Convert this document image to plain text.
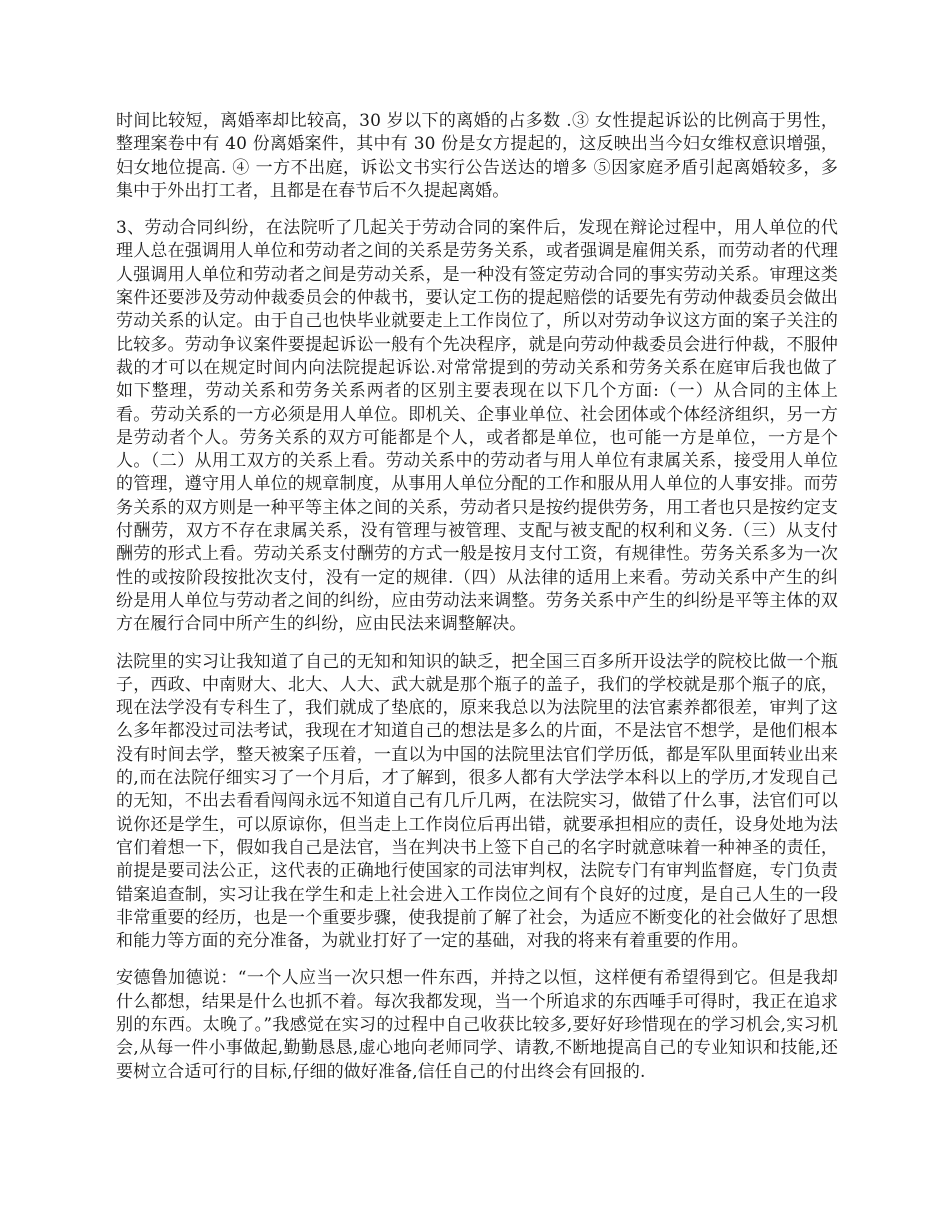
时间比较短，离婚率却比较高，30 岁以下的离婚的占多数 .③ 女性提起诉讼的比例高于男性，整理案卷中有 40 份离婚案件，其中有 30 份是女方提起的，这反映出当今妇女维权意识增强，妇女地位提高. ④ 一方不出庭，诉讼文书实行公告送达的增多 ⑤因家庭矛盾引起离婚较多，多集中于外出打工者，且都是在春节后不久提起离婚。

3、劳动合同纠纷，在法院听了几起关于劳动合同的案件后，发现在辩论过程中，用人单位的代理人总在强调用人单位和劳动者之间的关系是劳务关系，或者强调是雇佣关系，而劳动者的代理人强调用人单位和劳动者之间是劳动关系，是一种没有签定劳动合同的事实劳动关系。审理这类案件还要涉及劳动仲裁委员会的仲裁书，要认定工伤的提起赔偿的话要先有劳动仲裁委员会做出劳动关系的认定。由于自己也快毕业就要走上工作岗位了，所以对劳动争议这方面的案子关注的比较多。劳动争议案件要提起诉讼一般有个先决程序，就是向劳动仲裁委员会进行仲裁，不服仲裁的才可以在规定时间内向法院提起诉讼.对常常提到的劳动关系和劳务关系在庭审后我也做了如下整理，劳动关系和劳务关系两者的区别主要表现在以下几个方面:（一）从合同的主体上看。劳动关系的一方必须是用人单位。即机关、企事业单位、社会团体或个体经济组织，另一方是劳动者个人。劳务关系的双方可能都是个人，或者都是单位，也可能一方是单位，一方是个人。（二）从用工双方的关系上看。劳动关系中的劳动者与用人单位有隶属关系，接受用人单位的管理，遵守用人单位的规章制度，从事用人单位分配的工作和服从用人单位的人事安排。而劳务关系的双方则是一种平等主体之间的关系，劳动者只是按约提供劳务，用工者也只是按约定支付酬劳，双方不存在隶属关系，没有管理与被管理、支配与被支配的权利和义务.（三）从支付酬劳的形式上看。劳动关系支付酬劳的方式一般是按月支付工资，有规律性。劳务关系多为一次性的或按阶段按批次支付，没有一定的规律.（四）从法律的适用上来看。劳动关系中产生的纠纷是用人单位与劳动者之间的纠纷，应由劳动法来调整。劳务关系中产生的纠纷是平等主体的双方在履行合同中所产生的纠纷，应由民法来调整解决。

法院里的实习让我知道了自己的无知和知识的缺乏，把全国三百多所开设法学的院校比做一个瓶子，西政、中南财大、北大、人大、武大就是那个瓶子的盖子，我们的学校就是那个瓶子的底，现在法学没有专科生了，我们就成了垫底的，原来我总以为法院里的法官素养都很差，审判了这么多年都没过司法考试，我现在才知道自己的想法是多么的片面，不是法官不想学，是他们根本没有时间去学，整天被案子压着，一直以为中国的法院里法官们学历低，都是军队里面转业出来的,而在法院仔细实习了一个月后，才了解到，很多人都有大学法学本科以上的学历,才发现自己的无知，不出去看看闯闯永远不知道自己有几斤几两，在法院实习，做错了什么事，法官们可以说你还是学生，可以原谅你，但当走上工作岗位后再出错，就要承担相应的责任，设身处地为法官们着想一下，假如我自己是法官，当在判决书上签下自己的名字时就意味着一种神圣的责任，前提是要司法公正，这代表的正确地行使国家的司法审判权，法院专门有审判监督庭，专门负责错案追查制，实习让我在学生和走上社会进入工作岗位之间有个良好的过度，是自己人生的一段非常重要的经历，也是一个重要步骤，使我提前了解了社会，为适应不断变化的社会做好了思想和能力等方面的充分准备，为就业打好了一定的基础，对我的将来有着重要的作用。

安德鲁加德说：“一个人应当一次只想一件东西，并持之以恒，这样便有希望得到它。但是我却什么都想，结果是什么也抓不着。每次我都发现，当一个所追求的东西唾手可得时，我正在追求别的东西。太晚了。”我感觉在实习的过程中自己收获比较多,要好好珍惜现在的学习机会,实习机会,从每一件小事做起,勤勤恳恳,虚心地向老师同学、请教,不断地提高自己的专业知识和技能,还要树立合适可行的目标,仔细的做好准备,信任自己的付出终会有回报的.
